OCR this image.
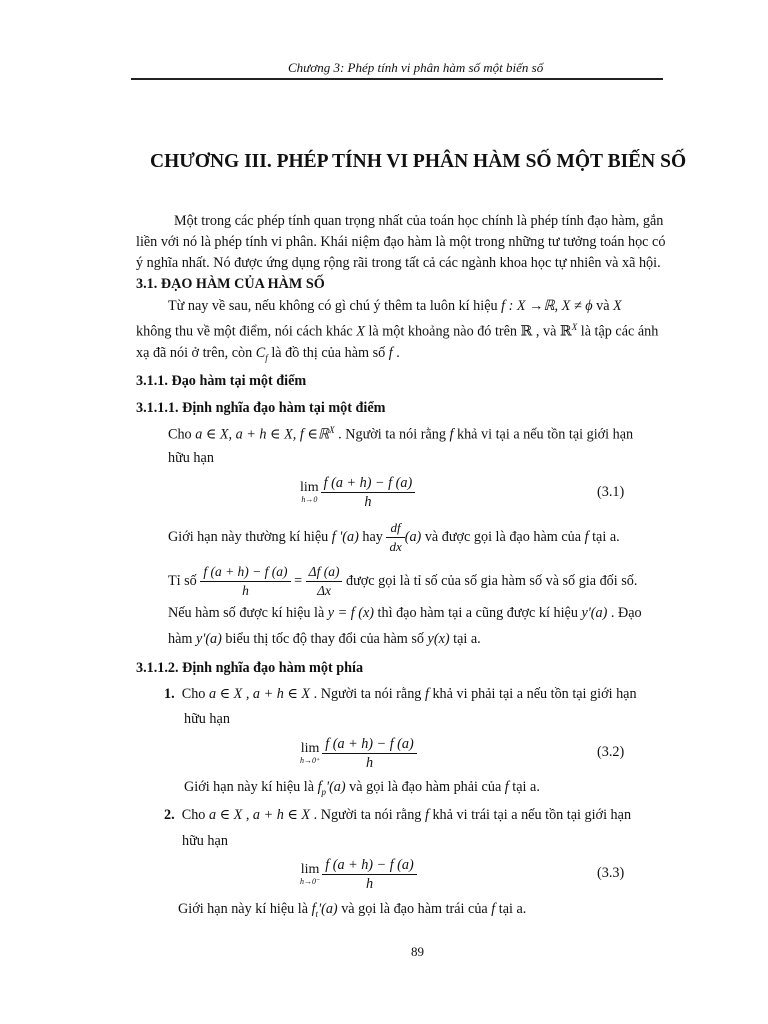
Chương 3: Phép tính vi phân hàm số một biến số
CHƯƠNG III. PHÉP TÍNH VI PHÂN HÀM SỐ MỘT BIẾN SỐ
Một trong các phép tính quan trọng nhất của toán học chính là phép tính đạo hàm, gắn
liền với nó là phép tính vi phân. Khái niệm đạo hàm là một trong những tư tưởng toán học có
ý nghĩa nhất. Nó được ứng dụng rộng rãi trong tất cả các ngành khoa học tự nhiên và xã hội.
3.1. ĐẠO HÀM CỦA HÀM SỐ
Từ nay về sau, nếu không có gì chú ý thêm ta luôn kí hiệu f : X →ℝ, X ≠ ϕ và X
không thu về một điểm, nói cách khác X là một khoảng nào đó trên ℝ , và ℝ$^X$ là tập các ánh
xạ đã nói ở trên, còn $C_f$ là đồ thị của hàm số f .
3.1.1. Đạo hàm tại một điểm
3.1.1.1. Định nghĩa đạo hàm tại một điểm
Cho a ∈ X, a + h ∈ X, f ∈ℝ$^X$ . Người ta nói rằng f khả vi tại a nếu tồn tại giới hạn
hữu hạn
lim
$h\to 0 \frac{f (a + h) - f (a)}{h}$	(3.1)
Giới hạn này thường kí hiệu f '(a) hay $\frac{df}{dx} (a)$ và được gọi là đạo hàm của f tại a.
Tỉ số $\frac{f (a + h) - f (a)}{h} = \frac{\Delta f (a)}{\Delta x}$ được gọi là tỉ số của số gia hàm số và số gia đối số.
Nếu hàm số được kí hiệu là y = f (x) thì đạo hàm tại a cũng được kí hiệu y'(a) . Đạo
hàm y'(a) biểu thị tốc độ thay đổi của hàm số y(x) tại a.
3.1.1.2. Định nghĩa đạo hàm một phía
1. Cho a ∈ X , a + h ∈ X . Người ta nói rằng f khả vi phải tại a nếu tồn tại giới hạn
hữu hạn
lim
$h\to 0^+ \frac{f (a + h) - f (a)}{h}$	(3.2)
Giới hạn này kí hiệu là $f_p'(a)$ và gọi là đạo hàm phải của f tại a.
2. Cho a ∈ X , a + h ∈ X . Người ta nói rằng f khả vi trái tại a nếu tồn tại giới hạn
hữu hạn
lim
$h\to 0^- \frac{f (a + h) - f (a)}{h}$	(3.3)
Giới hạn này kí hiệu là $f_t'(a)$ và gọi là đạo hàm trái của f tại a.
89
